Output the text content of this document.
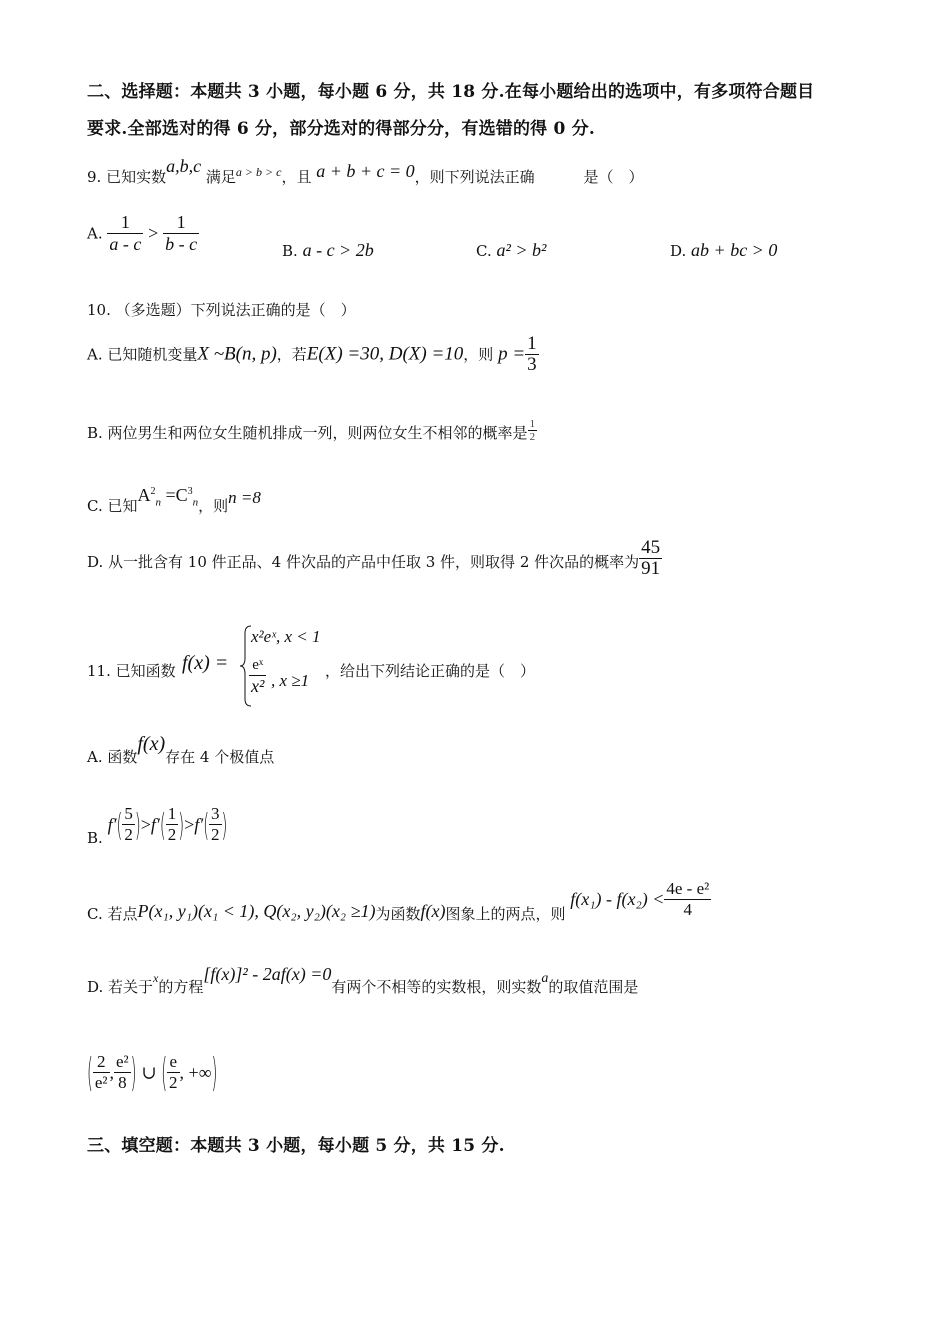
二、选择题：本题共 3 小题，每小题 6 分，共 18 分.在每小题给出的选项中，有多项符合题目
要求.全部选对的得 6 分，部分选对的得部分分，有选错的得 0 分.
9. 已知实数a,b,c 满足$^{a > b > c}$，且 a + b + c = 0，则下列说法正确	是（　）
A. $\frac{1}{a - c} > \frac{1}{b - c}$	B. a - c > 2b	C. a² > b²	D. ab + bc > 0
10. （多选题）下列说法正确的是（　）
A. 已知随机变量X ~B(n, p)，若E(X) =30, D(X) =10，则 $p = \frac{1}{3}$
B. 两位男生和两位女生随机排成一列，则两位女生不相邻的概率是 $\frac{1}{2}$
C. 已知$A^2_n =C^3_n$，则n =8
D. 从一批含有 10 件正品、4 件次品的产品中任取 3 件，则取得 2 件次品的概率为 $\frac{45}{91}$
11. 已知函数 f(x) =
x²eˣ, x < 1
eˣ
x² , x ≥1 ，给出下列结论正确的是（　）
A. 函数f(x)存在 4 个极值点
B. $f'( \frac{5}{2} )>f'( \frac{1}{2} )>f'( \frac{3}{2}$ )
C. 若点P(x₁, y₁)(x₁ < 1), Q(x₂, y₂)(x₂ ≥1)为函数f(x)图象上的两点，则 $f(x_1) - f(x_2) < \frac{\text{4e - e²}}{4}$
D. 若关于x的方程[f(x)]² - 2af(x) =0有两个不相等的实数根，则实数a的取值范围是
( $\frac{2}{\text{e²}}$ , $\frac{\text{e²}}{8}$ ) ∪ ( $\frac{e}{2}$ , +∞)
三、填空题：本题共 3 小题，每小题 5 分，共 15 分.
